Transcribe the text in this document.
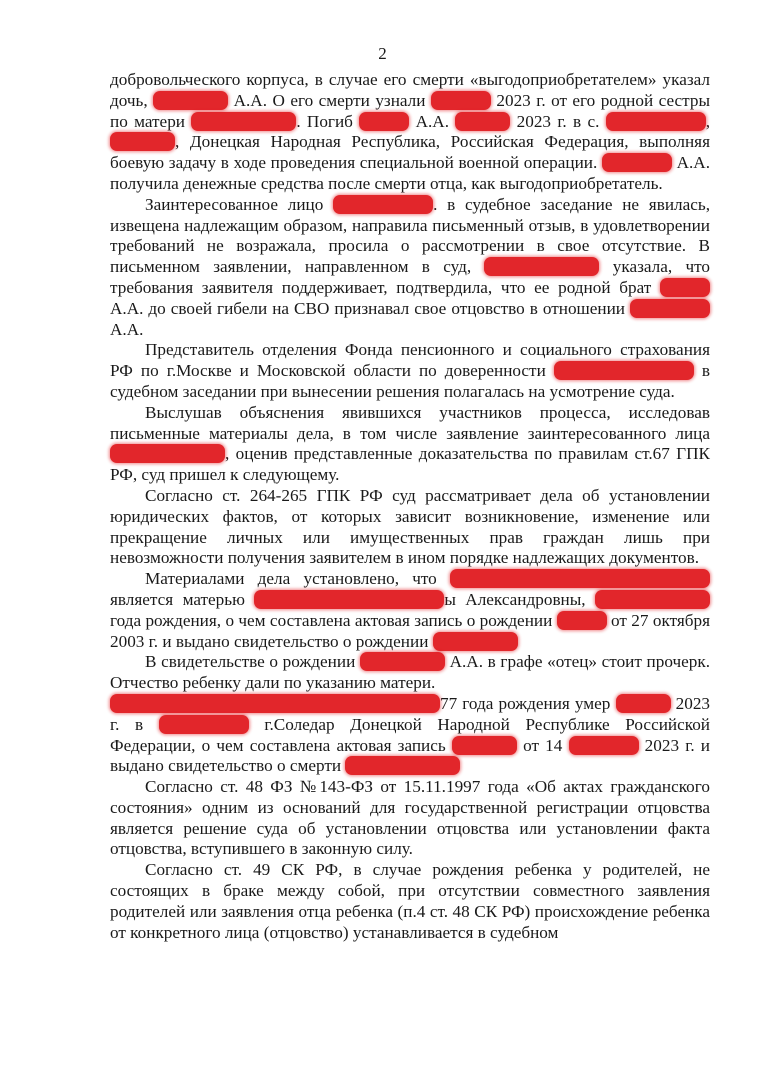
2

добровольческого корпуса, в случае его смерти «выгодоприобретателем» указал дочь,	А.А. О его смерти узнали	2023 г. от его родной сестры по матери	. Погиб	А.А.	2023 г. в с.	, , Донецкая Народная Республика, Российская Федерация, выполняя боевую задачу в ходе проведения специальной военной операции.	А.А. получила денежные средства после смерти отца, как выгодоприобретатель.

Заинтересованное лицо	. в судебное заседание не явилась, извещена надлежащим образом, направила письменный отзыв, в удовлетворении требований не возражала, просила о рассмотрении в свое отсутствие. В письменном заявлении, направленном в суд,	указала, что требования заявителя поддерживает, подтвердила, что ее родной брат  А.А. до своей гибели на СВО признавал свое отцовство в отношении  А.А.

Представитель отделения Фонда пенсионного и социального страхования РФ по г.Москве и Московской области по доверенности	в судебном заседании при вынесении решения полагалась на усмотрение суда.

Выслушав объяснения явившихся участников процесса, исследовав письменные материалы дела, в том числе заявление заинтересованного лица , оценив представленные доказательства по правилам ст.67 ГПК РФ, суд пришел к следующему.

Согласно ст. 264-265 ГПК РФ суд рассматривает дела об установлении юридических фактов, от которых зависит возникновение, изменение или прекращение личных или имущественных прав граждан лишь при невозможности получения заявителем в ином порядке надлежащих документов.

Материалами дела установлено, что  является матерью	ы Александровны,  года рождения, о чем составлена актовая запись о рождении	от 27 октября 2003 г. и выдано свидетельство о рождении

В свидетельстве о рождении	А.А. в графе «отец» стоит прочерк. Отчество ребенку дали по указанию матери.

77 года рождения умер	2023 г. в	г.Соледар Донецкой Народной Республике Российской Федерации, о чем составлена актовая запись	от 14	2023 г. и выдано свидетельство о смерти

Согласно ст. 48 ФЗ №143-ФЗ от 15.11.1997 года «Об актах гражданского состояния» одним из оснований для государственной регистрации отцовства является решение суда об установлении отцовства или установлении факта отцовства, вступившего в законную силу.

Согласно ст. 49 СК РФ, в случае рождения ребенка у родителей, не состоящих в браке между собой, при отсутствии совместного заявления родителей или заявления отца ребенка (п.4 ст. 48 СК РФ) происхождение ребенка от конкретного лица (отцовство) устанавливается в судебном
